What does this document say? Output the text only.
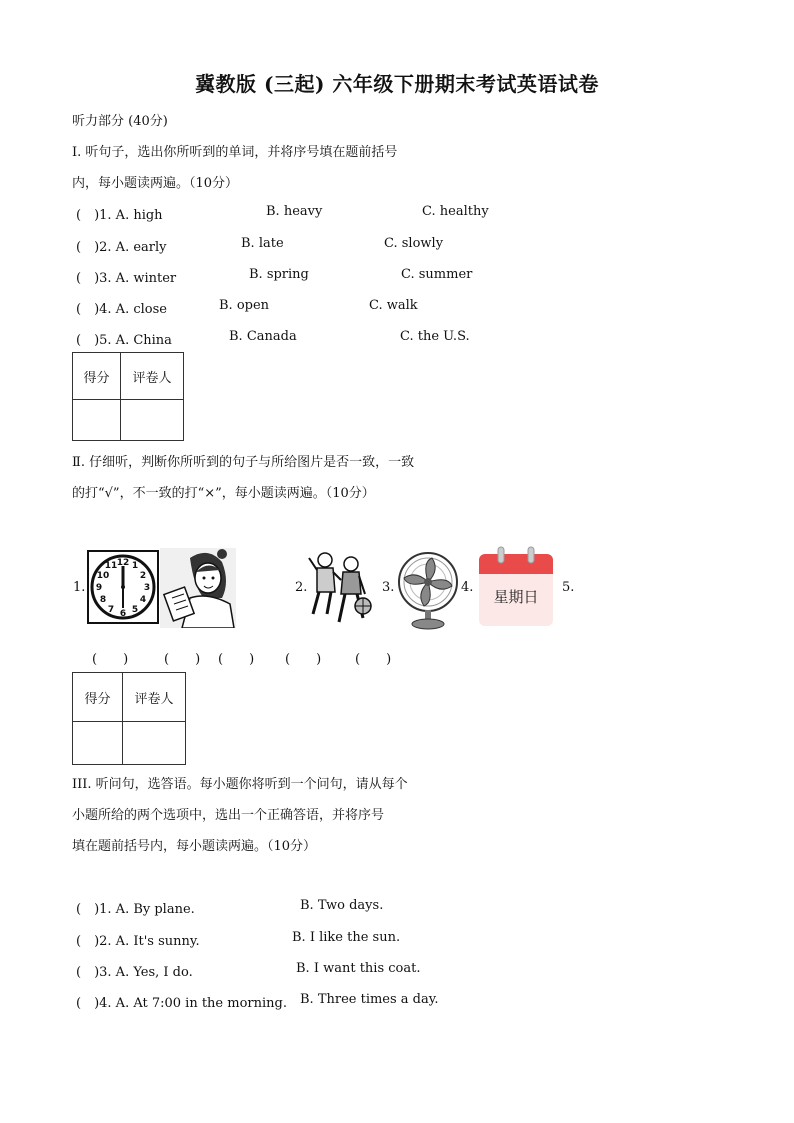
冀教版 (三起) 六年级下册期末考试英语试卷
听力部分 (40分)
Ⅰ. 听句子，选出你所听到的单词，并将序号填在题前括号
内，每小题读两遍。（10分）
(　)1. A. high	B. heavy	C. healthy
(　)2. A. early	B. late	C. slowly
(　)3. A. winter	B. spring	C. summer
(　)4. A. close	B. open	C. walk
(　)5. A. China	B. Canada	C. the U.S.
得分	评卷人

Ⅱ. 仔细听，判断你所听到的句子与所给图片是否一致，一致
的打“√”，不一致的打“×”，每小题读两遍。（10分）
1.
12 1
2
3
4
5
6
7
8
9
10
11
2.	3.	4.
星期日
5.
(　　)	(　　) (　　) (　　)	(　　)
得分	评卷人

III. 听问句，选答语。每小题你将听到一个问句，请从每个
小题所给的两个选项中，选出一个正确答语，并将序号
填在题前括号内，每小题读两遍。（10分）
(　)1. A. By plane.	B. Two days.
(　)2. A. It's sunny.	B. I like the sun.
(　)3. A. Yes, I do.	B. I want this coat.
(　)4. A. At 7:00 in the morning. B. Three times a day.
